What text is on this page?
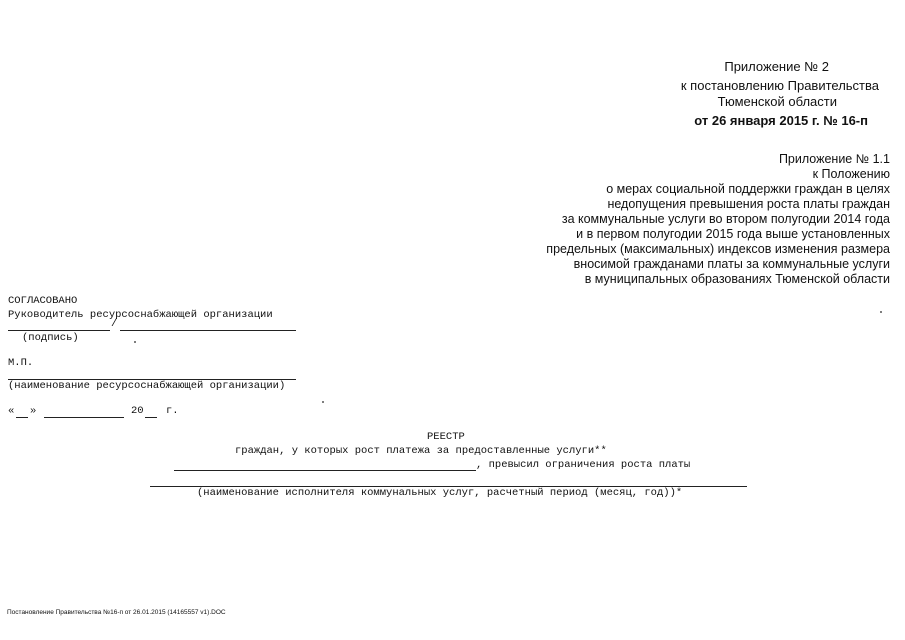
Приложение № 2
к постановлению Правительства
Тюменской области
от 26 января 2015 г. № 16-п
Приложение № 1.1
к Положению
о мерах социальной поддержки граждан в целях
недопущения превышения роста платы граждан
за коммунальные услуги во втором полугодии 2014 года
и в первом полугодии 2015 года выше установленных
предельных (максимальных) индексов изменения размера
вносимой гражданами платы за коммунальные услуги
в муниципальных образованиях Тюменской области
СОГЛАСОВАНО
Руководитель ресурсоснабжающей организации
/
(подпись)
М.П.
(наименование ресурсоснабжающей организации)
« »	20 г.
РЕЕСТР
граждан, у которых рост платежа за предоставленные услуги**
, превысил ограничения роста платы
(наименование исполнителя коммунальных услуг, расчетный период (месяц, год))*
Постановление Правительства №16-п от 26.01.2015 (14165557 v1).DOC
